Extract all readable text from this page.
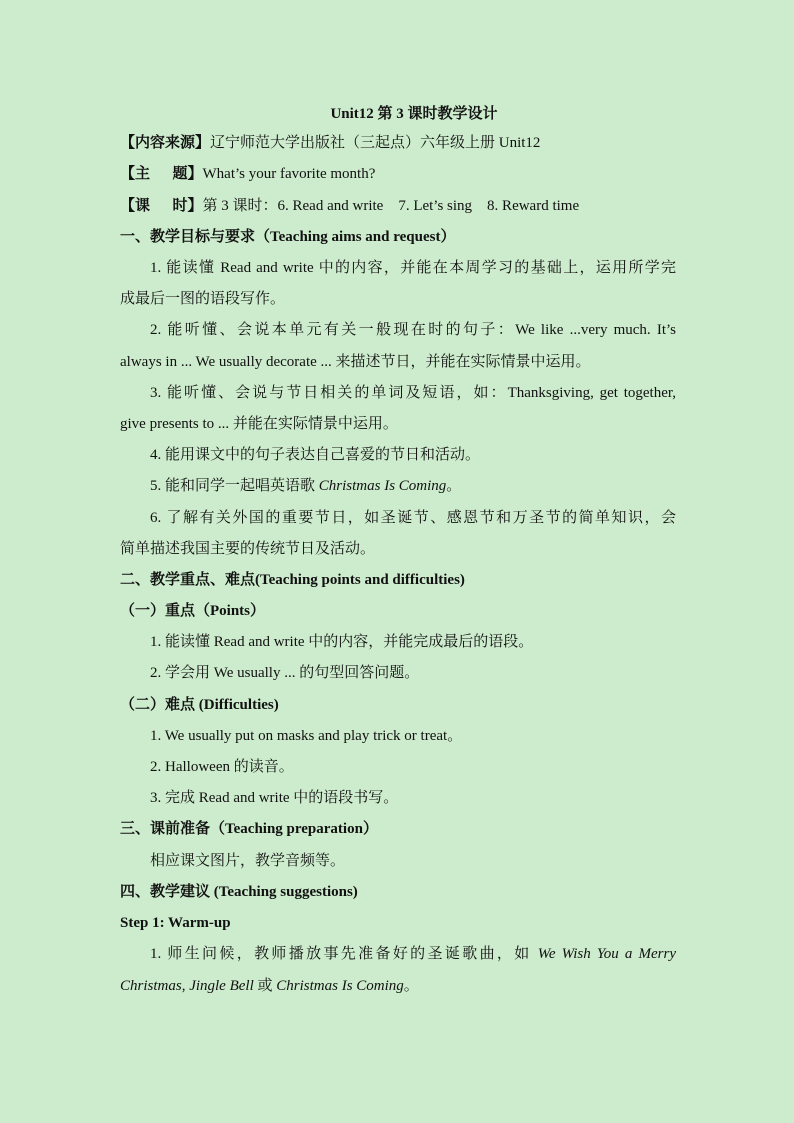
Unit12 第 3 课时教学设计
【内容来源】辽宁师范大学出版社（三起点）六年级上册 Unit12
【主      题】What’s your favorite month?
【课      时】第 3 课时：6. Read and write    7. Let’s sing    8. Reward time
一、教学目标与要求（Teaching aims and request）
1. 能读懂 Read and write 中的内容，并能在本周学习的基础上，运用所学完
成最后一图的语段写作。
2. 能听懂、会说本单元有关一般现在时的句子：We like ...very much. It’s
always in ... We usually decorate ... 来描述节日，并能在实际情景中运用。
3. 能听懂、会说与节日相关的单词及短语，如：Thanksgiving, get together,
give presents to ... 并能在实际情景中运用。
4. 能用课文中的句子表达自己喜爱的节日和活动。
5. 能和同学一起唱英语歌 Christmas Is Coming。
6. 了解有关外国的重要节日，如圣诞节、感恩节和万圣节的简单知识，会
简单描述我国主要的传统节日及活动。
二、教学重点、难点(Teaching points and difficulties)
（一）重点（Points）
1. 能读懂 Read and write 中的内容，并能完成最后的语段。
2. 学会用 We usually ... 的句型回答问题。
（二）难点 (Difficulties)
1. We usually put on masks and play trick or treat。
2. Halloween 的读音。
3. 完成 Read and write 中的语段书写。
三、课前准备（Teaching preparation）
相应课文图片，教学音频等。
四、教学建议 (Teaching suggestions)
Step 1: Warm-up
1. 师生问候，教师播放事先准备好的圣诞歌曲，如 We Wish You a Merry
Christmas, Jingle Bell 或 Christmas Is Coming。
